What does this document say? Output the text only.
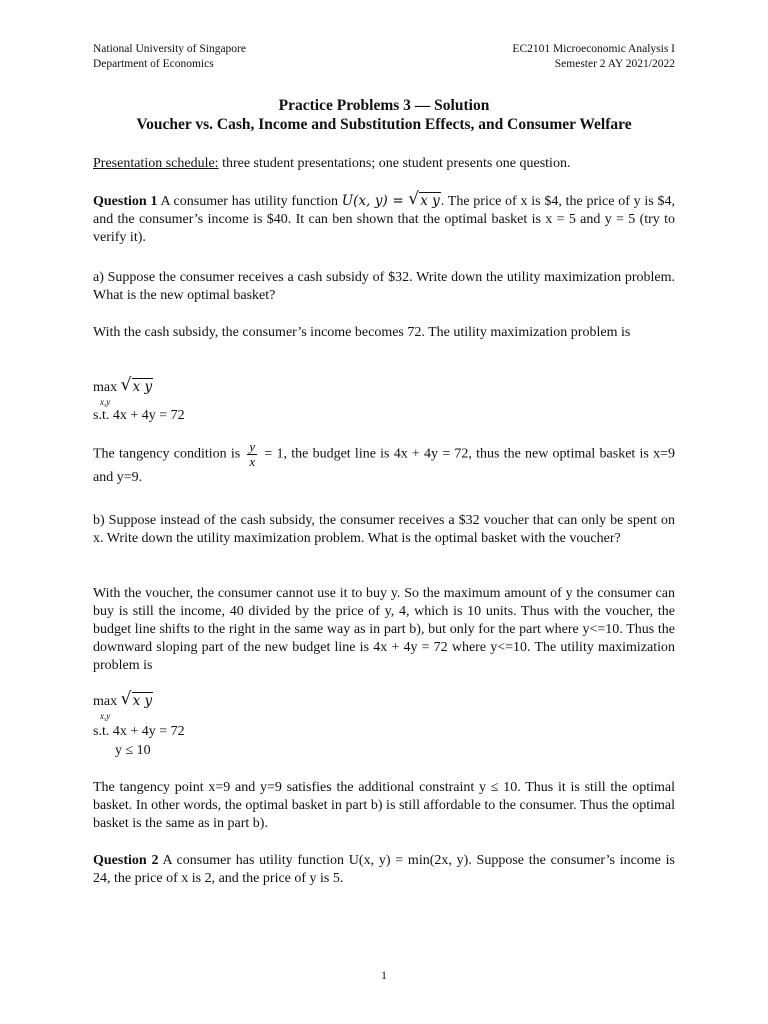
National University of Singapore
Department of Economics
EC2101 Microeconomic Analysis I
Semester 2 AY 2021/2022
Practice Problems 3 — Solution
Voucher vs. Cash, Income and Substitution Effects, and Consumer Welfare
Presentation schedule: three student presentations; one student presents one question.
Question 1 A consumer has utility function U(x, y) = √ x y. The price of x is $4, the price of y is $4, and the consumer’s income is $40. It can ben shown that the optimal basket is x = 5 and y = 5 (try to verify it).
a) Suppose the consumer receives a cash subsidy of $32. Write down the utility maximization problem. What is the new optimal basket?
With the cash subsidy, the consumer’s income becomes 72. The utility maximization problem is
max √ x y
x,y
s.t. 4x + 4y = 72
The tangency condition is $\frac{y}{x} = 1$, the budget line is 4x + 4y = 72, thus the new optimal basket is x=9 and y=9.
b) Suppose instead of the cash subsidy, the consumer receives a $32 voucher that can only be spent on x. Write down the utility maximization problem. What is the optimal basket with the voucher?
With the voucher, the consumer cannot use it to buy y. So the maximum amount of y the consumer can buy is still the income, 40 divided by the price of y, 4, which is 10 units. Thus with the voucher, the budget line shifts to the right in the same way as in part b), but only for the part where y<=10. Thus the downward sloping part of the new budget line is 4x + 4y = 72 where y<=10. The utility maximization problem is
max √ x y
x,y
s.t. 4x + 4y = 72
y ≤ 10
The tangency point x=9 and y=9 satisfies the additional constraint y ≤ 10. Thus it is still the optimal basket. In other words, the optimal basket in part b) is still affordable to the consumer. Thus the optimal basket is the same as in part b).
Question 2 A consumer has utility function U(x, y) = min(2x, y). Suppose the consumer’s income is 24, the price of x is 2, and the price of y is 5.
1
